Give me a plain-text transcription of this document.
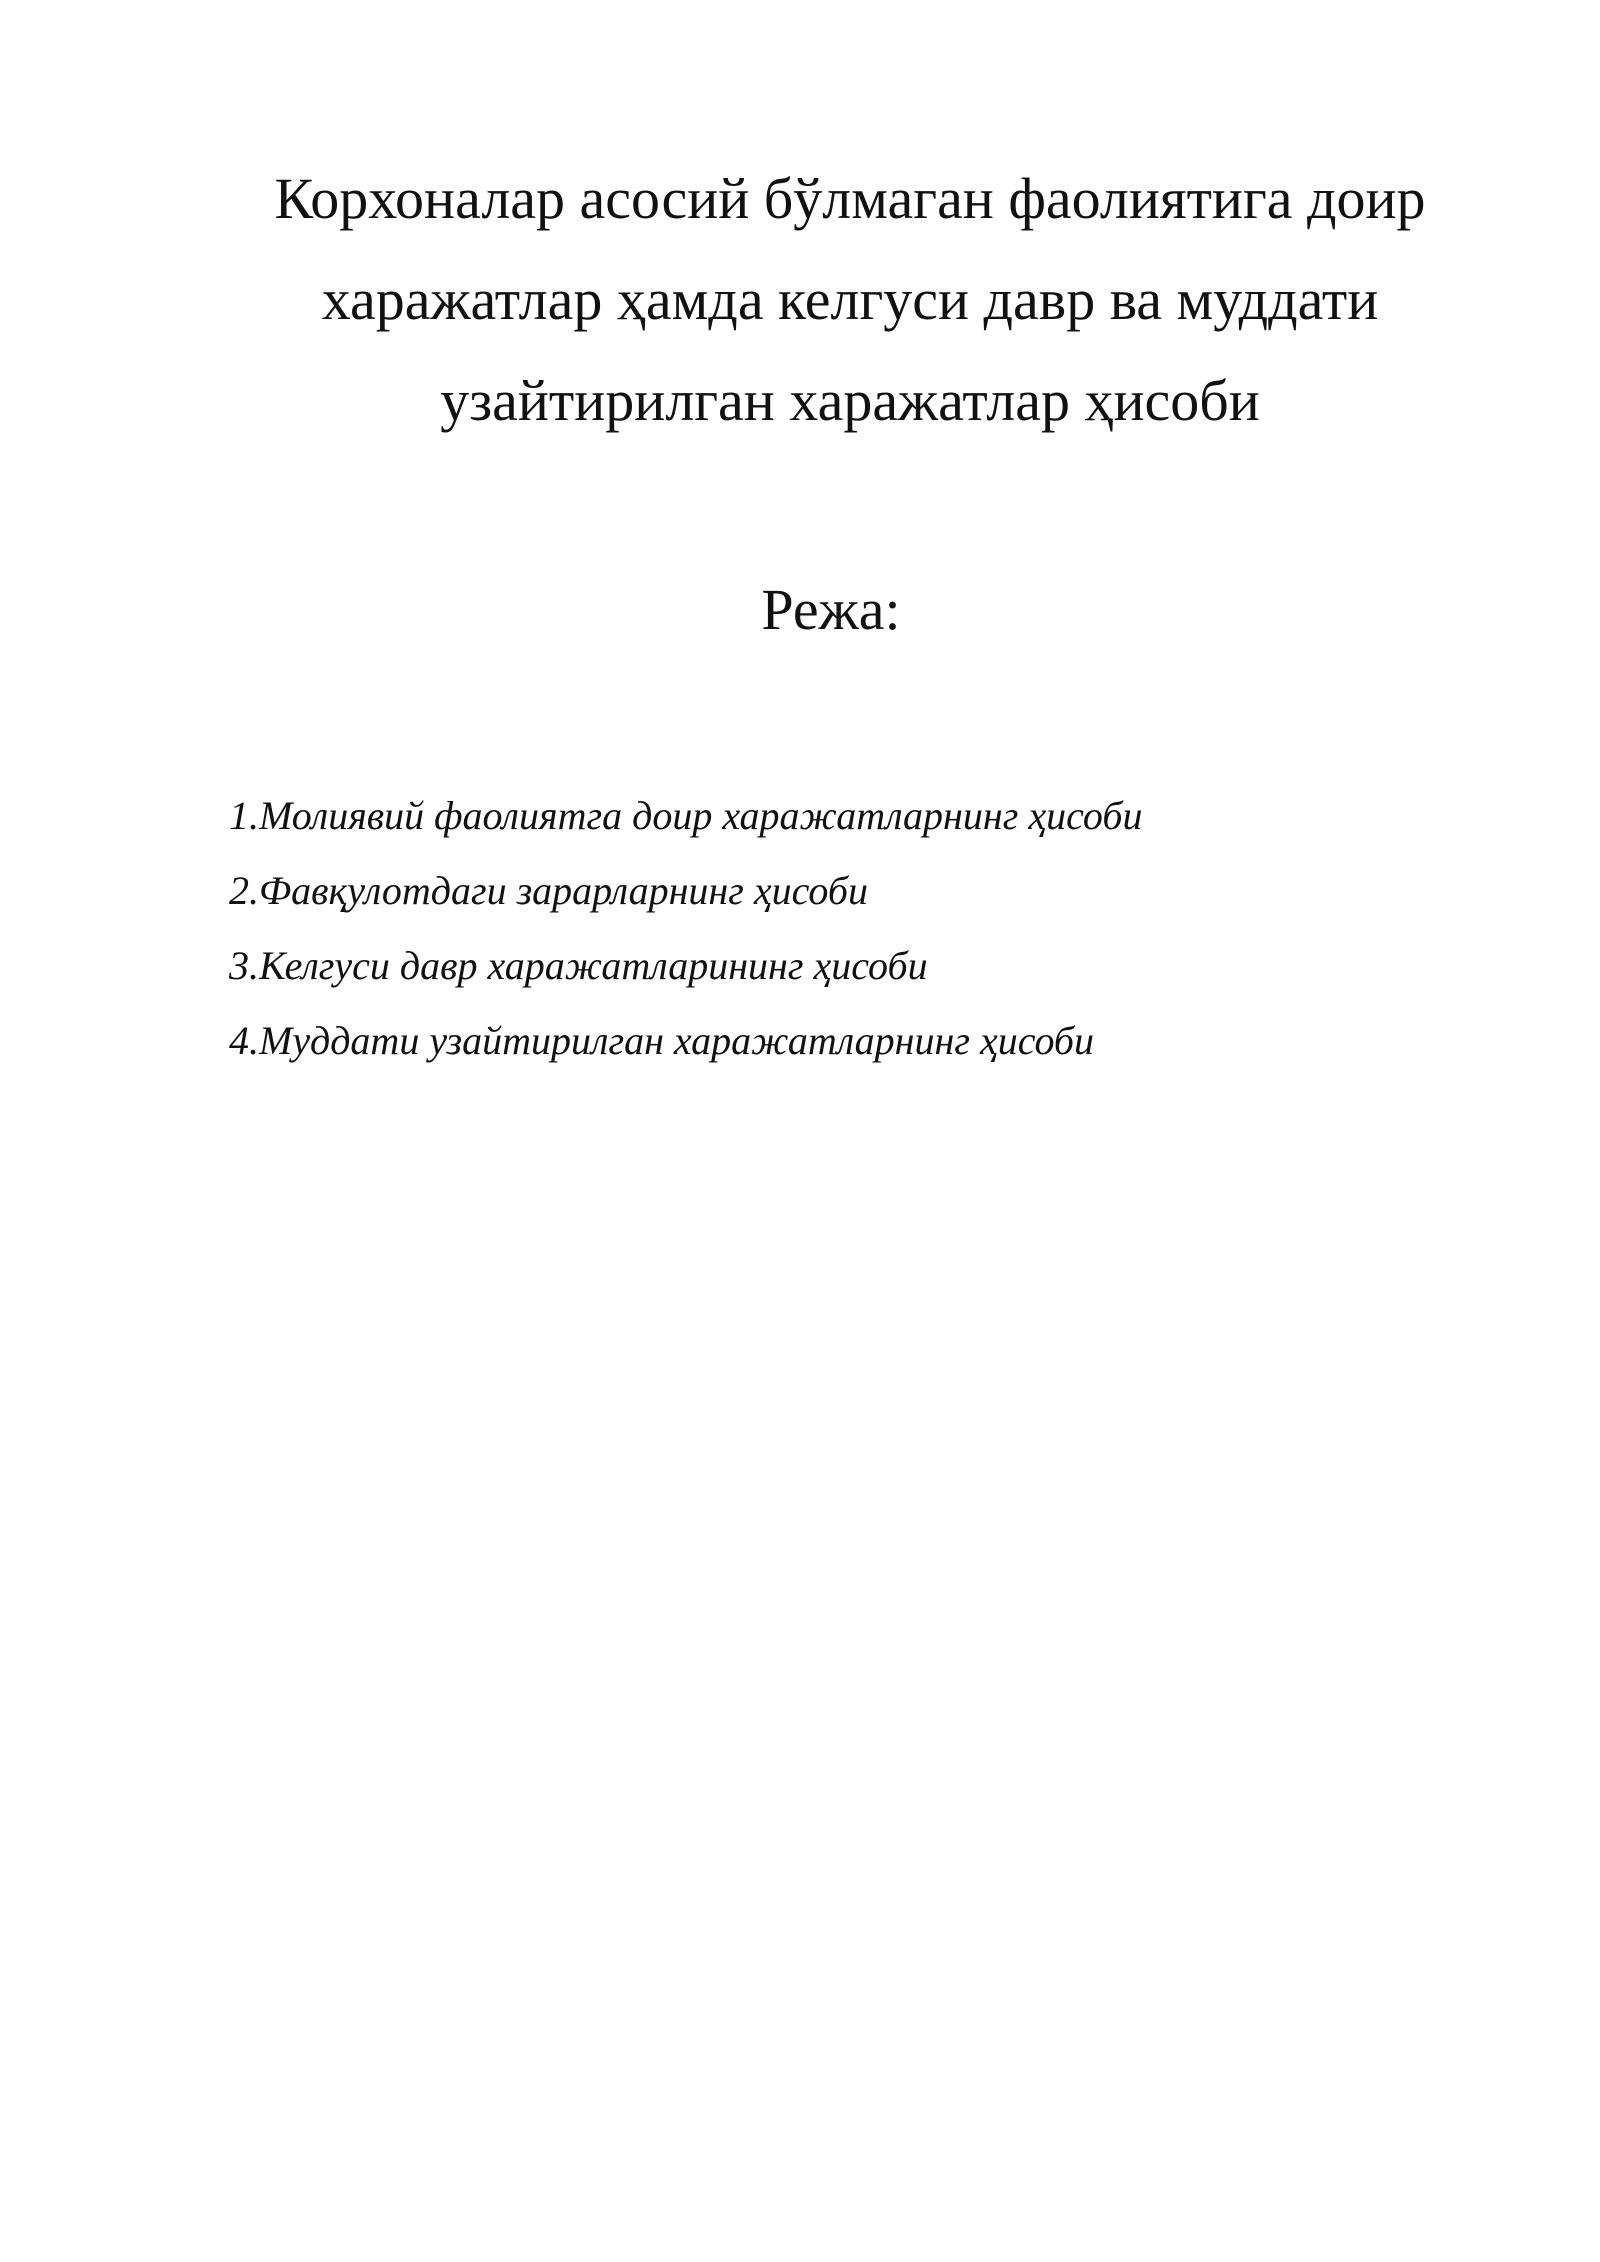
Корхоналар асосий бўлмаган фаолиятига доир

харажатлар ҳамда келгуси давр ва муддати

узайтирилган харажатлар ҳисоби

Режа:

1.Молиявий фаолиятга доир харажатларнинг ҳисоби
2.Фавқулотдаги зарарларнинг ҳисоби
3.Келгуси давр харажатларининг ҳисоби
4.Муддати узайтирилган харажатларнинг ҳисоби
